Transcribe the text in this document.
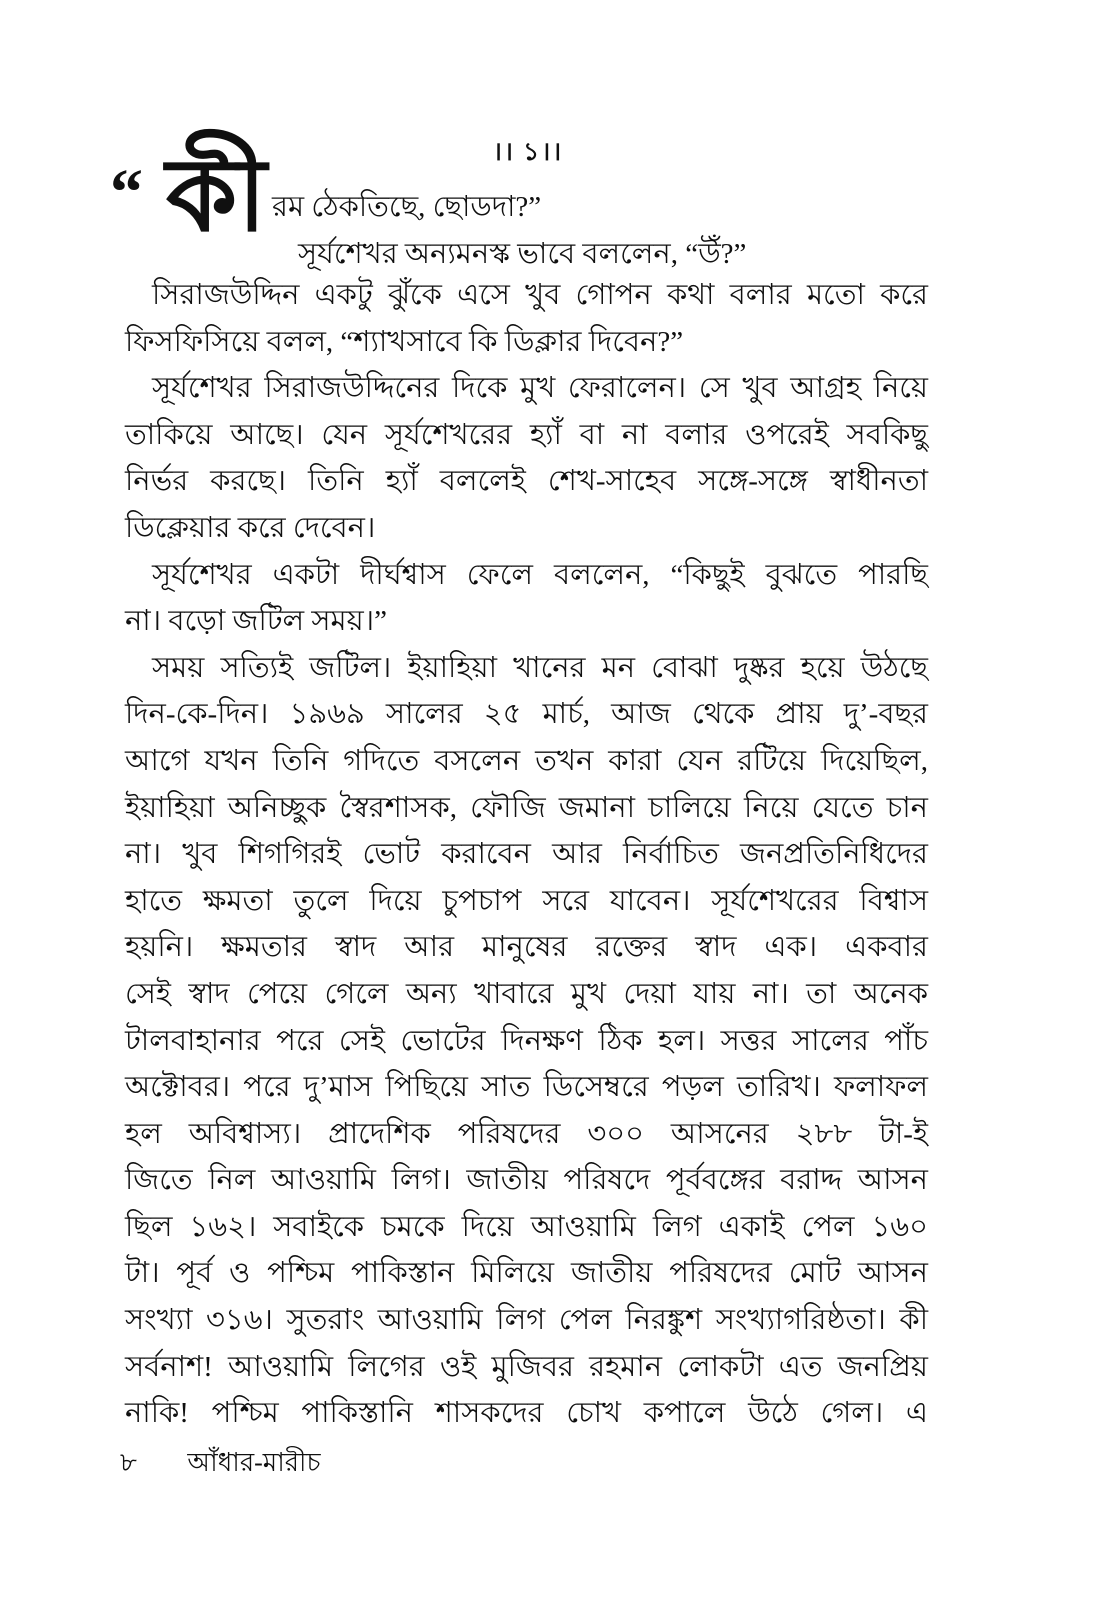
।। ১।।
“ কী রম ঠেকতিছে, ছোডদা?”
সূর্যশেখর অন্যমনস্ক ভাবে বললেন, “উঁ?”
সিরাজউদ্দিন একটু ঝুঁকে এসে খুব গোপন কথা বলার মতো করে
ফিসফিসিয়ে বলল, “শ্যাখসাবে কি ডিক্লার দিবেন?”
সূর্যশেখর সিরাজউদ্দিনের দিকে মুখ ফেরালেন। সে খুব আগ্রহ নিয়ে
তাকিয়ে আছে। যেন সূর্যশেখরের হ্যাঁ বা না বলার ওপরেই সবকিছু
নির্ভর করছে। তিনি হ্যাঁ বললেই শেখ-সাহেব সঙ্গে-সঙ্গে স্বাধীনতা
ডিক্লেয়ার করে দেবেন।
সূর্যশেখর একটা দীর্ঘশ্বাস ফেলে বললেন, “কিছুই বুঝতে পারছি
না। বড়ো জটিল সময়।”
সময় সত্যিই জটিল। ইয়াহিয়া খানের মন বোঝা দুষ্কর হয়ে উঠছে
দিন-কে-দিন। ১৯৬৯ সালের ২৫ মার্চ, আজ থেকে প্রায় দু’-বছর
আগে যখন তিনি গদিতে বসলেন তখন কারা যেন রটিয়ে দিয়েছিল,
ইয়াহিয়া অনিচ্ছুক স্বৈরশাসক, ফৌজি জমানা চালিয়ে নিয়ে যেতে চান
না। খুব শিগগিরই ভোট করাবেন আর নির্বাচিত জনপ্রতিনিধিদের
হাতে ক্ষমতা তুলে দিয়ে চুপচাপ সরে যাবেন। সূর্যশেখরের বিশ্বাস
হয়নি। ক্ষমতার স্বাদ আর মানুষের রক্তের স্বাদ এক। একবার
সেই স্বাদ পেয়ে গেলে অন্য খাবারে মুখ দেয়া যায় না। তা অনেক
টালবাহানার পরে সেই ভোটের দিনক্ষণ ঠিক হল। সত্তর সালের পাঁচ
অক্টোবর। পরে দু’মাস পিছিয়ে সাত ডিসেম্বরে পড়ল তারিখ। ফলাফল
হল অবিশ্বাস্য। প্রাদেশিক পরিষদের ৩০০ আসনের ২৮৮ টা-ই
জিতে নিল আওয়ামি লিগ। জাতীয় পরিষদে পূর্ববঙ্গের বরাদ্দ আসন
ছিল ১৬২। সবাইকে চমকে দিয়ে আওয়ামি লিগ একাই পেল ১৬০
টা। পূর্ব ও পশ্চিম পাকিস্তান মিলিয়ে জাতীয় পরিষদের মোট আসন
সংখ্যা ৩১৬। সুতরাং আওয়ামি লিগ পেল নিরঙ্কুশ সংখ্যাগরিষ্ঠতা। কী
সর্বনাশ! আওয়ামি লিগের ওই মুজিবর রহমান লোকটা এত জনপ্রিয়
নাকি! পশ্চিম পাকিস্তানি শাসকদের চোখ কপালে উঠে গেল। এ
৮ আঁধার-মারীচ
